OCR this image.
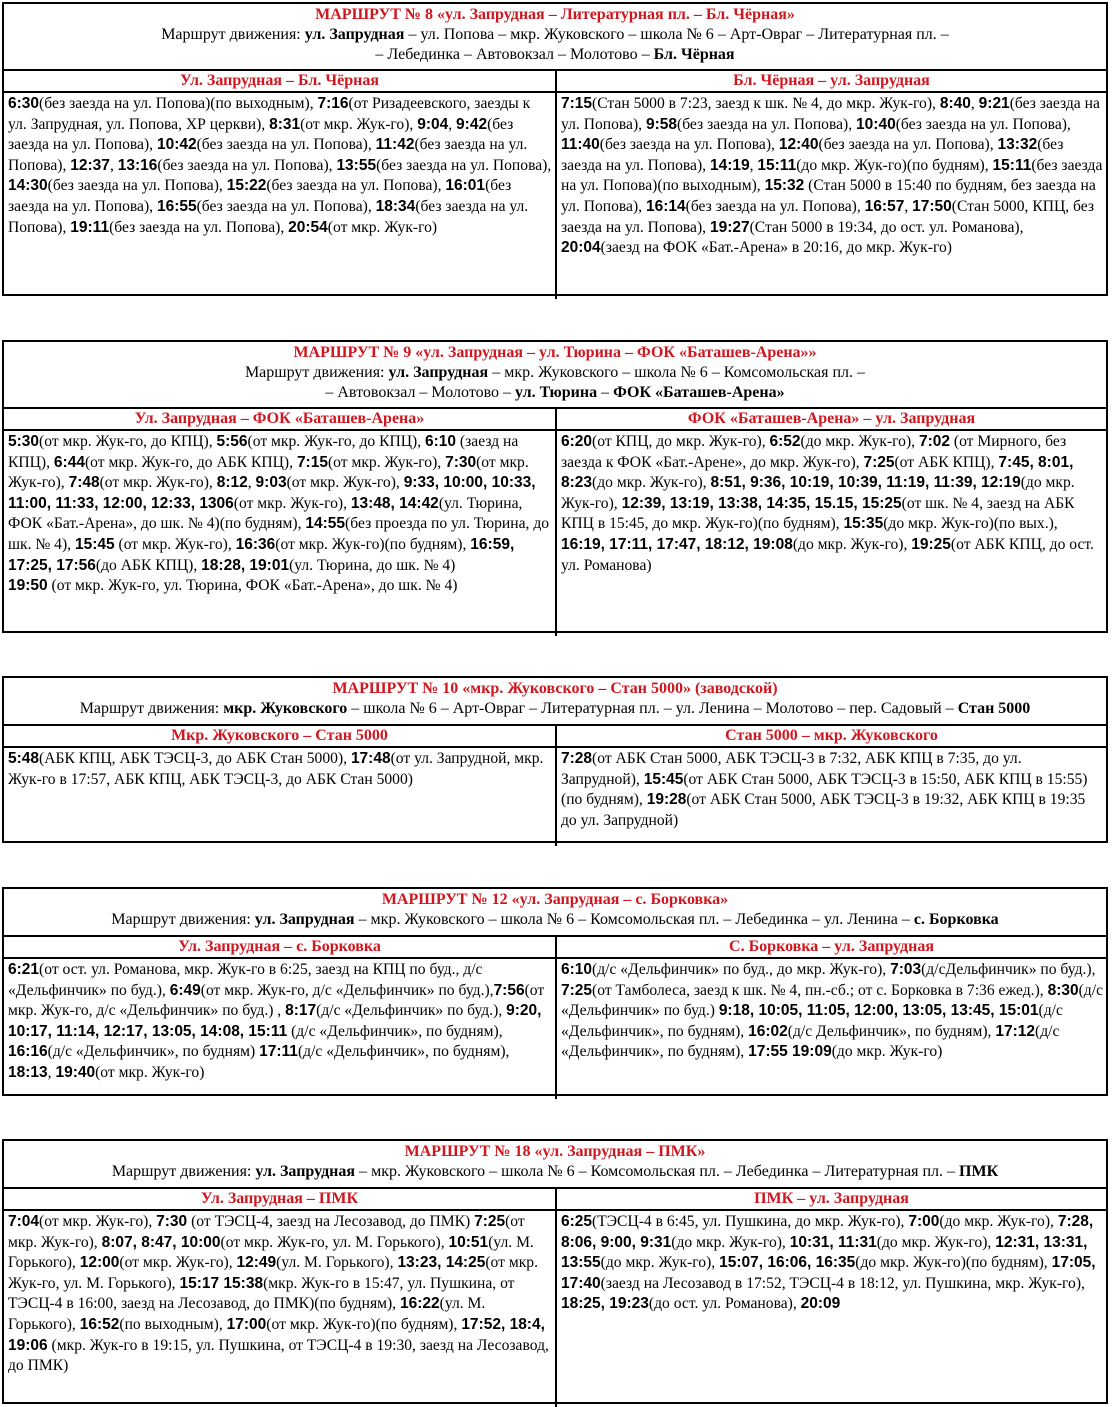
МАРШРУТ № 8 «ул. Запрудная – Литературная пл. – Бл. Чёрная»
Маршрут движения: ул. Запрудная – ул. Попова – мкр. Жуковского – школа № 6 – Арт-Овраг – Литературная пл. –
– Лебединка – Автовокзал – Молотово – Бл. Чёрная
Ул. Запрудная – Бл. Чёрная
6:30(без заезда на ул. Попова)(по выходным), 7:16(от Ризадеевского, заезды к ул. Запрудная, ул. Попова, ХР церкви), 8:31(от мкр. Жук-го), 9:04, 9:42(без заезда на ул. Попова), 10:42(без заезда на ул. Попова), 11:42(без заезда на ул. Попова), 12:37, 13:16(без заезда на ул. Попова), 13:55(без заезда на ул. Попова), 14:30(без заезда на ул. Попова), 15:22(без заезда на ул. Попова), 16:01(без заезда на ул. Попова), 16:55(без заезда на ул. Попова), 18:34(без заезда на ул. Попова), 19:11(без заезда на ул. Попова), 20:54(от мкр. Жук-го)
Бл. Чёрная – ул. Запрудная
7:15(Стан 5000 в 7:23, заезд к шк. № 4, до мкр. Жук-го), 8:40, 9:21(без заезда на ул. Попова), 9:58(без заезда на ул. Попова), 10:40(без заезда на ул. Попова), 11:40(без заезда на ул. Попова), 12:40(без заезда на ул. Попова), 13:32(без заезда на ул. Попова), 14:19, 15:11(до мкр. Жук-го)(по будням), 15:11(без заезда на ул. Попова)(по выходным), 15:32 (Стан 5000 в 15:40 по будням, без заезда на ул. Попова), 16:14(без заезда на ул. Попова), 16:57, 17:50(Стан 5000, КПЦ, без заезда на ул. Попова), 19:27(Стан 5000 в 19:34, до ост. ул. Романова),
20:04(заезд на ФОК «Бат.-Арена» в 20:16, до мкр. Жук-го)
МАРШРУТ № 9 «ул. Запрудная – ул. Тюрина – ФОК «Баташев-Арена»»
Маршрут движения: ул. Запрудная – мкр. Жуковского – школа № 6 – Комсомольская пл. –
– Автовокзал – Молотово – ул. Тюрина – ФОК «Баташев-Арена»
Ул. Запрудная – ФОК «Баташев-Арена»
5:30(от мкр. Жук-го, до КПЦ), 5:56(от мкр. Жук-го, до КПЦ), 6:10 (заезд на КПЦ), 6:44(от мкр. Жук-го, до АБК КПЦ), 7:15(от мкр. Жук-го), 7:30(от мкр. Жук-го), 7:48(от мкр. Жук-го), 8:12, 9:03(от мкр. Жук-го), 9:33, 10:00, 10:33, 11:00, 11:33, 12:00, 12:33, 1306(от мкр. Жук-го), 13:48, 14:42(ул. Тюрина, ФОК «Бат.-Арена», до шк. № 4)(по будням), 14:55(без проезда по ул. Тюрина, до шк. № 4), 15:45 (от мкр. Жук-го), 16:36(от мкр. Жук-го)(по будням), 16:59, 17:25, 17:56(до АБК КПЦ), 18:28, 19:01(ул. Тюрина, до шк. № 4)
19:50 (от мкр. Жук-го, ул. Тюрина, ФОК «Бат.-Арена», до шк. № 4)
ФОК «Баташев-Арена» – ул. Запрудная
6:20(от КПЦ, до мкр. Жук-го), 6:52(до мкр. Жук-го), 7:02 (от Мирного, без заезда к ФОК «Бат.-Арене», до мкр. Жук-го), 7:25(от АБК КПЦ), 7:45, 8:01, 8:23(до мкр. Жук-го), 8:51, 9:36, 10:19, 10:39, 11:19, 11:39, 12:19(до мкр. Жук-го), 12:39, 13:19, 13:38, 14:35, 15.15, 15:25(от шк. № 4, заезд на АБК КПЦ в 15:45, до мкр. Жук-го)(по будням), 15:35(до мкр. Жук-го)(по вых.), 16:19, 17:11, 17:47, 18:12, 19:08(до мкр. Жук-го), 19:25(от АБК КПЦ, до ост. ул. Романова)
МАРШРУТ № 10 «мкр. Жуковского – Стан 5000» (заводской)
Маршрут движения: мкр. Жуковского – школа № 6 – Арт-Овраг – Литературная пл. – ул. Ленина – Молотово – пер. Садовый – Стан 5000
Мкр. Жуковского – Стан 5000
5:48(АБК КПЦ, АБК ТЭСЦ-3, до АБК Стан 5000), 17:48(от ул. Запрудной, мкр. Жук-го в 17:57, АБК КПЦ, АБК ТЭСЦ-3, до АБК Стан 5000)
Стан 5000 – мкр. Жуковского
7:28(от АБК Стан 5000, АБК ТЭСЦ-3 в 7:32, АБК КПЦ в 7:35, до ул. Запрудной), 15:45(от АБК Стан 5000, АБК ТЭСЦ-3 в 15:50, АБК КПЦ в 15:55) (по будням), 19:28(от АБК Стан 5000, АБК ТЭСЦ-3 в 19:32, АБК КПЦ в 19:35 до ул. Запрудной)
МАРШРУТ № 12 «ул. Запрудная – с. Борковка»
Маршрут движения: ул. Запрудная – мкр. Жуковского – школа № 6 – Комсомольская пл. – Лебединка – ул. Ленина – с. Борковка
Ул. Запрудная – с. Борковка
6:21(от ост. ул. Романова, мкр. Жук-го в 6:25, заезд на КПЦ по буд., д/с «Дельфинчик» по буд.), 6:49(от мкр. Жук-го, д/с «Дельфинчик» по буд.),7:56(от мкр. Жук-го, д/с «Дельфинчик» по буд.) , 8:17(д/с «Дельфинчик» по буд.), 9:20, 10:17, 11:14, 12:17, 13:05, 14:08, 15:11 (д/с «Дельфинчик», по будням), 16:16(д/с «Дельфинчик», по будням) 17:11(д/с «Дельфинчик», по будням), 18:13, 19:40(от мкр. Жук-го)
С. Борковка – ул. Запрудная
6:10(д/с «Дельфинчик» по буд., до мкр. Жук-го), 7:03(д/сДельфинчик» по буд.), 7:25(от Тамболеса, заезд к шк. № 4, пн.-сб.; от с. Борковка в 7:36 ежед.), 8:30(д/с «Дельфинчик» по буд.) 9:18, 10:05, 11:05, 12:00, 13:05, 13:45, 15:01(д/с «Дельфинчик», по будням), 16:02(д/с Дельфинчик», по будням), 17:12(д/с «Дельфинчик», по будням), 17:55 19:09(до мкр. Жук-го)
МАРШРУТ № 18 «ул. Запрудная – ПМК»
Маршрут движения: ул. Запрудная – мкр. Жуковского – школа № 6 – Комсомольская пл. – Лебединка – Литературная пл. – ПМК
Ул. Запрудная – ПМК
7:04(от мкр. Жук-го), 7:30 (от ТЭСЦ-4, заезд на Лесозавод, до ПМК) 7:25(от мкр. Жук-го), 8:07, 8:47, 10:00(от мкр. Жук-го, ул. М. Горького), 10:51(ул. М. Горького), 12:00(от мкр. Жук-го), 12:49(ул. М. Горького), 13:23, 14:25(от мкр. Жук-го, ул. М. Горького), 15:17 15:38(мкр. Жук-го в 15:47, ул. Пушкина, от ТЭСЦ-4 в 16:00, заезд на Лесозавод, до ПМК)(по будням), 16:22(ул. М. Горького), 16:52(по выходным), 17:00(от мкр. Жук-го)(по будням), 17:52, 18:4, 19:06 (мкр. Жук-го в 19:15, ул. Пушкина, от ТЭСЦ-4 в 19:30, заезд на Лесозавод, до ПМК)
ПМК – ул. Запрудная
6:25(ТЭСЦ-4 в 6:45, ул. Пушкина, до мкр. Жук-го), 7:00(до мкр. Жук-го), 7:28, 8:06, 9:00, 9:31(до мкр. Жук-го), 10:31, 11:31(до мкр. Жук-го), 12:31, 13:31, 13:55(до мкр. Жук-го), 15:07, 16:06, 16:35(до мкр. Жук-го)(по будням), 17:05, 17:40(заезд на Лесозавод в 17:52, ТЭСЦ-4 в 18:12, ул. Пушкина, мкр. Жук-го), 18:25, 19:23(до ост. ул. Романова), 20:09
